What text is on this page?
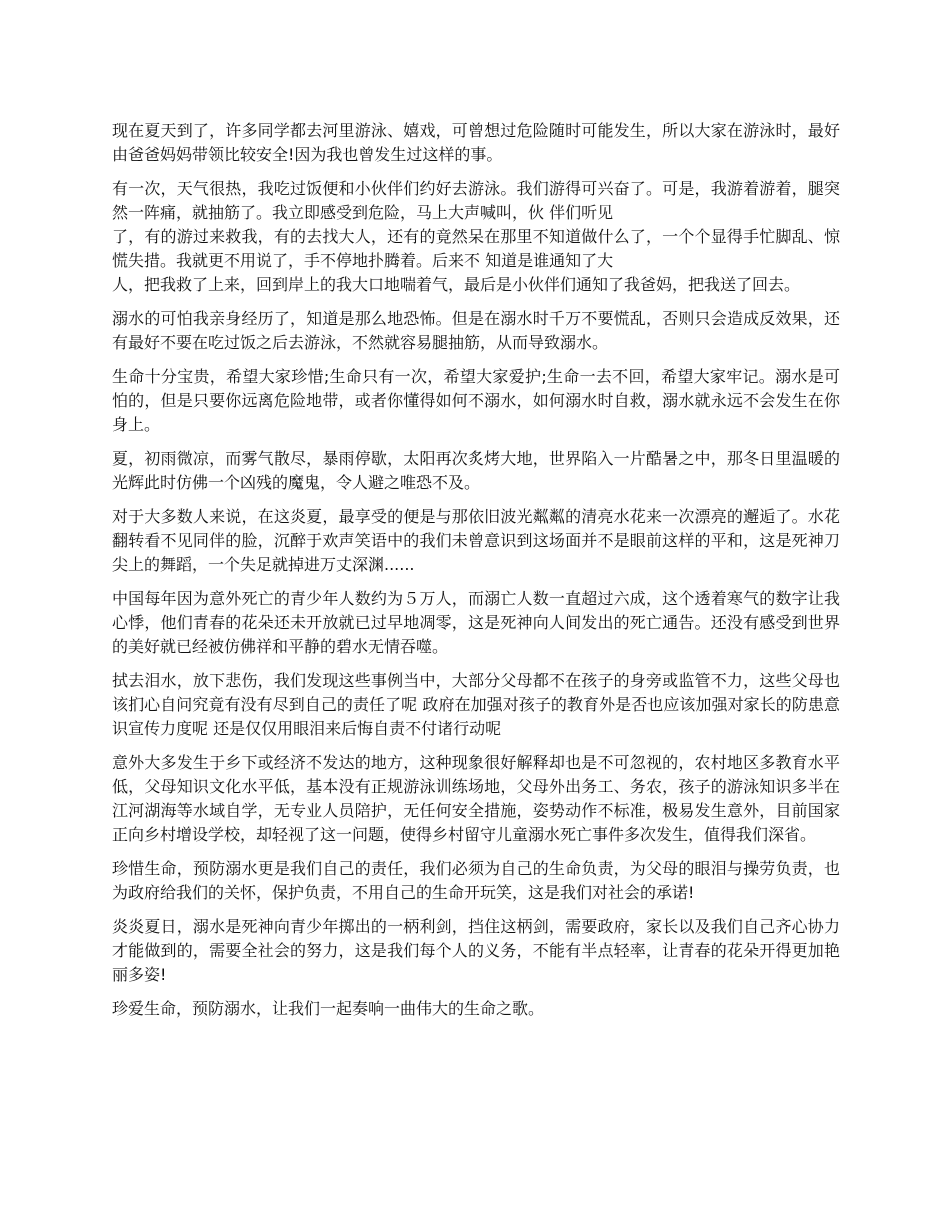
现在夏天到了，许多同学都去河里游泳、嬉戏，可曾想过危险随时可能发生，所以大家在游泳时，最好由爸爸妈妈带领比较安全!因为我也曾发生过这样的事。

有一次，天气很热，我吃过饭便和小伙伴们约好去游泳。我们游得可兴奋了。可是，我游着游着，腿突然一阵痛，就抽筋了。我立即感受到危险，马上大声喊叫，伙 伴们听见
了，有的游过来救我，有的去找大人，还有的竟然呆在那里不知道做什么了，一个个显得手忙脚乱、惊慌失措。我就更不用说了，手不停地扑腾着。后来不 知道是谁通知了大
人，把我救了上来，回到岸上的我大口地喘着气，最后是小伙伴们通知了我爸妈，把我送了回去。

溺水的可怕我亲身经历了，知道是那么地恐怖。但是在溺水时千万不要慌乱，否则只会造成反效果，还有最好不要在吃过饭之后去游泳，不然就容易腿抽筋，从而导致溺水。

生命十分宝贵，希望大家珍惜;生命只有一次，希望大家爱护;生命一去不回，希望大家牢记。溺水是可怕的，但是只要你远离危险地带，或者你懂得如何不溺水，如何溺水时自救，溺水就永远不会发生在你身上。

夏，初雨微凉，而雾气散尽，暴雨停歇，太阳再次炙烤大地，世界陷入一片酷暑之中，那冬日里温暖的光辉此时仿佛一个凶残的魔鬼，令人避之唯恐不及。

对于大多数人来说，在这炎夏，最享受的便是与那依旧波光粼粼的清亮水花来一次漂亮的邂逅了。水花翻转看不见同伴的脸，沉醉于欢声笑语中的我们未曾意识到这场面并不是眼前这样的平和，这是死神刀尖上的舞蹈，一个失足就掉进万丈深渊......

中国每年因为意外死亡的青少年人数约为５万人，而溺亡人数一直超过六成，这个透着寒气的数字让我心悸，他们青春的花朵还未开放就已过早地凋零，这是死神向人间发出的死亡通告。还没有感受到世界的美好就已经被仿佛祥和平静的碧水无情吞噬。

拭去泪水，放下悲伤，我们发现这些事例当中，大部分父母都不在孩子的身旁或监管不力，这些父母也该扪心自问究竟有没有尽到自己的责任了呢 政府在加强对孩子的教育外是否也应该加强对家长的防患意识宣传力度呢 还是仅仅用眼泪来后悔自责不付诸行动呢

意外大多发生于乡下或经济不发达的地方，这种现象很好解释却也是不可忽视的，农村地区多教育水平低，父母知识文化水平低，基本没有正规游泳训练场地，父母外出务工、务农，孩子的游泳知识多半在江河湖海等水域自学，无专业人员陪护，无任何安全措施，姿势动作不标准，极易发生意外，目前国家正向乡村增设学校，却轻视了这一问题，使得乡村留守儿童溺水死亡事件多次发生，值得我们深省。

珍惜生命，预防溺水更是我们自己的责任，我们必须为自己的生命负责，为父母的眼泪与操劳负责，也为政府给我们的关怀，保护负责，不用自己的生命开玩笑，这是我们对社会的承诺!

炎炎夏日，溺水是死神向青少年掷出的一柄利剑，挡住这柄剑，需要政府，家长以及我们自己齐心协力才能做到的，需要全社会的努力，这是我们每个人的义务，不能有半点轻率，让青春的花朵开得更加艳丽多姿!

珍爱生命，预防溺水，让我们一起奏响一曲伟大的生命之歌。
